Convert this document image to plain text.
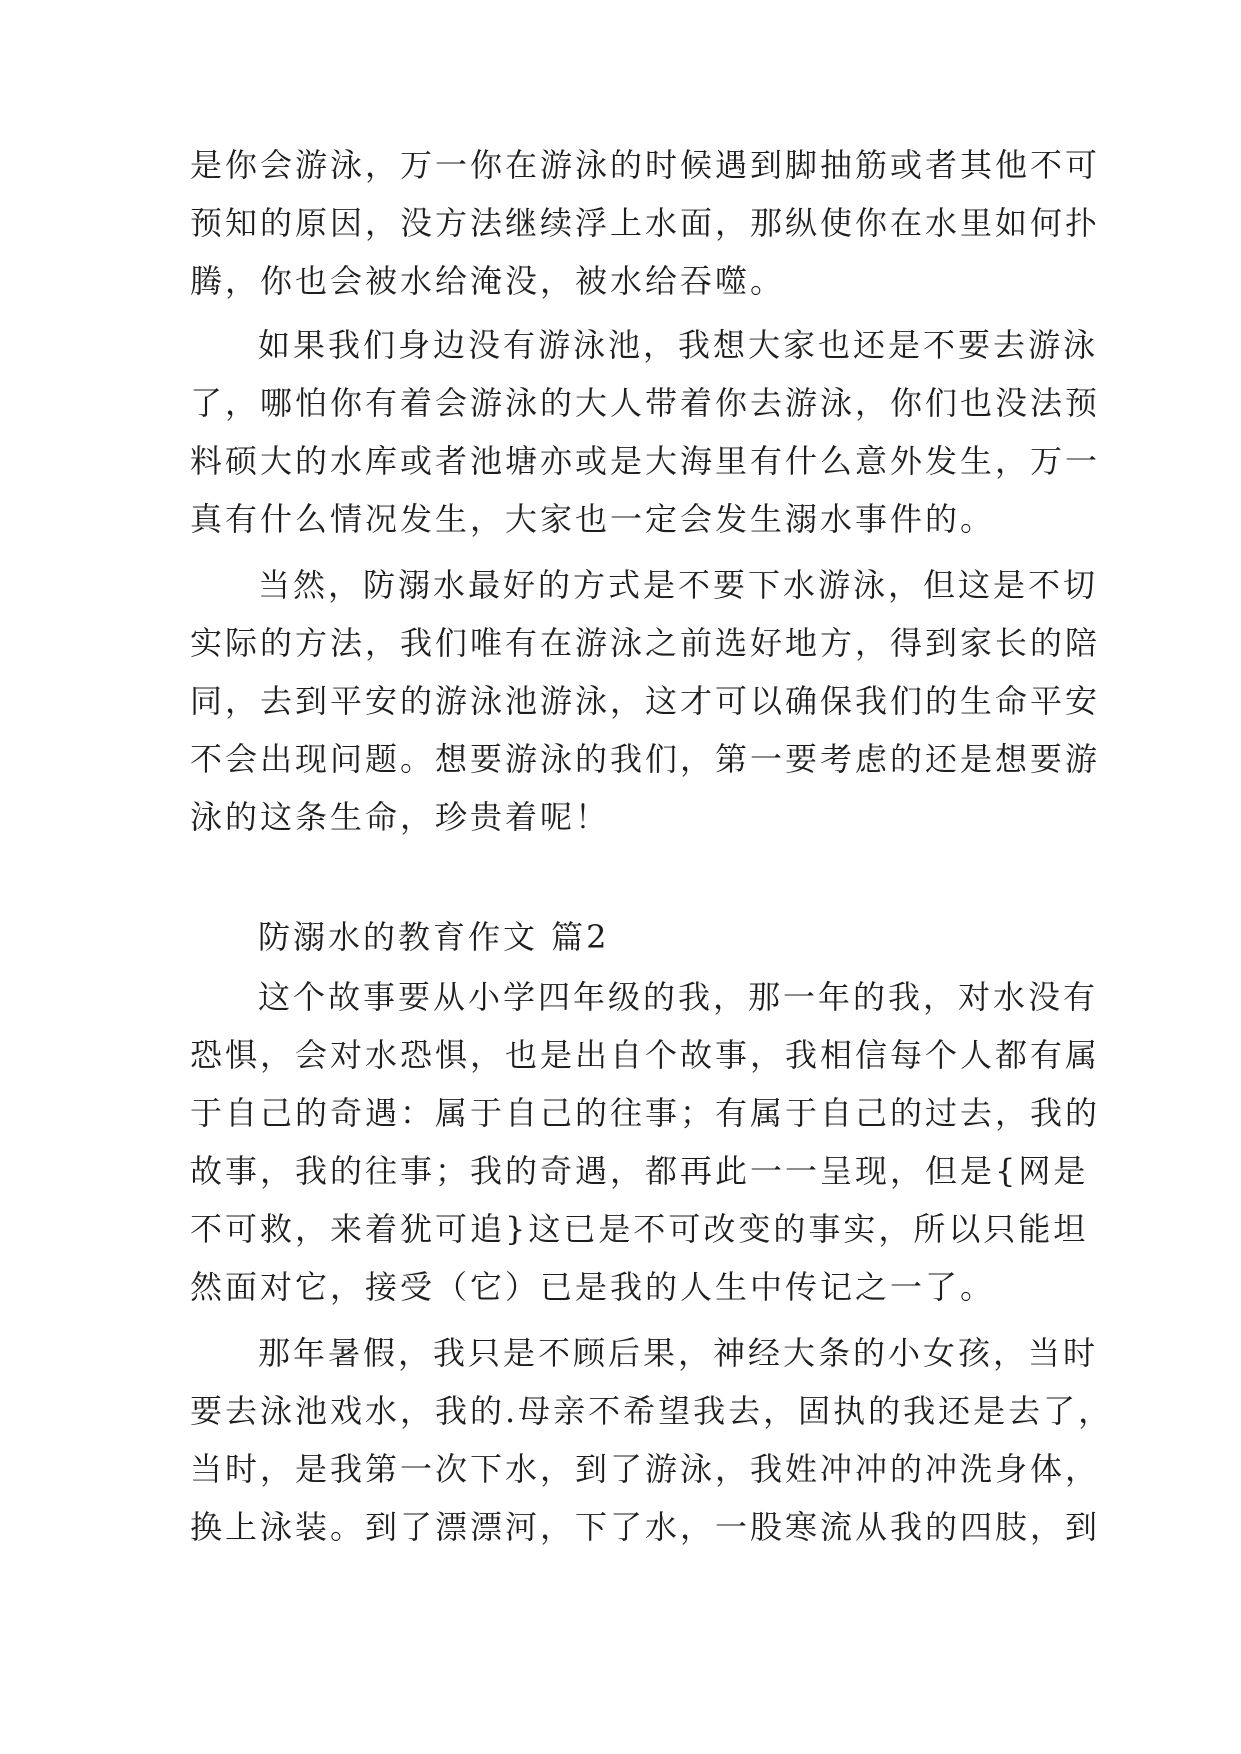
是你会游泳，万一你在游泳的时候遇到脚抽筋或者其他不可
预知的原因，没方法继续浮上水面，那纵使你在水里如何扑
腾，你也会被水给淹没，被水给吞噬。
如果我们身边没有游泳池，我想大家也还是不要去游泳
了，哪怕你有着会游泳的大人带着你去游泳，你们也没法预
料硕大的水库或者池塘亦或是大海里有什么意外发生，万一
真有什么情况发生，大家也一定会发生溺水事件的。
当然，防溺水最好的方式是不要下水游泳，但这是不切
实际的方法，我们唯有在游泳之前选好地方，得到家长的陪
同，去到平安的游泳池游泳，这才可以确保我们的生命平安
不会出现问题。想要游泳的我们，第一要考虑的还是想要游
泳的这条生命，珍贵着呢！
防溺水的教育作文 篇2
这个故事要从小学四年级的我，那一年的我，对水没有
恐惧，会对水恐惧，也是出自个故事，我相信每个人都有属
于自己的奇遇：属于自己的往事；有属于自己的过去，我的
故事，我的往事；我的奇遇，都再此一一呈现，但是{网是
不可救，来着犹可追}这已是不可改变的事实，所以只能坦
然面对它，接受（它）已是我的人生中传记之一了。
那年暑假，我只是不顾后果，神经大条的小女孩，当时
要去泳池戏水，我的.母亲不希望我去，固执的我还是去了，
当时，是我第一次下水，到了游泳，我姓冲冲的冲洗身体，
换上泳装。到了漂漂河，下了水，一股寒流从我的四肢，到
